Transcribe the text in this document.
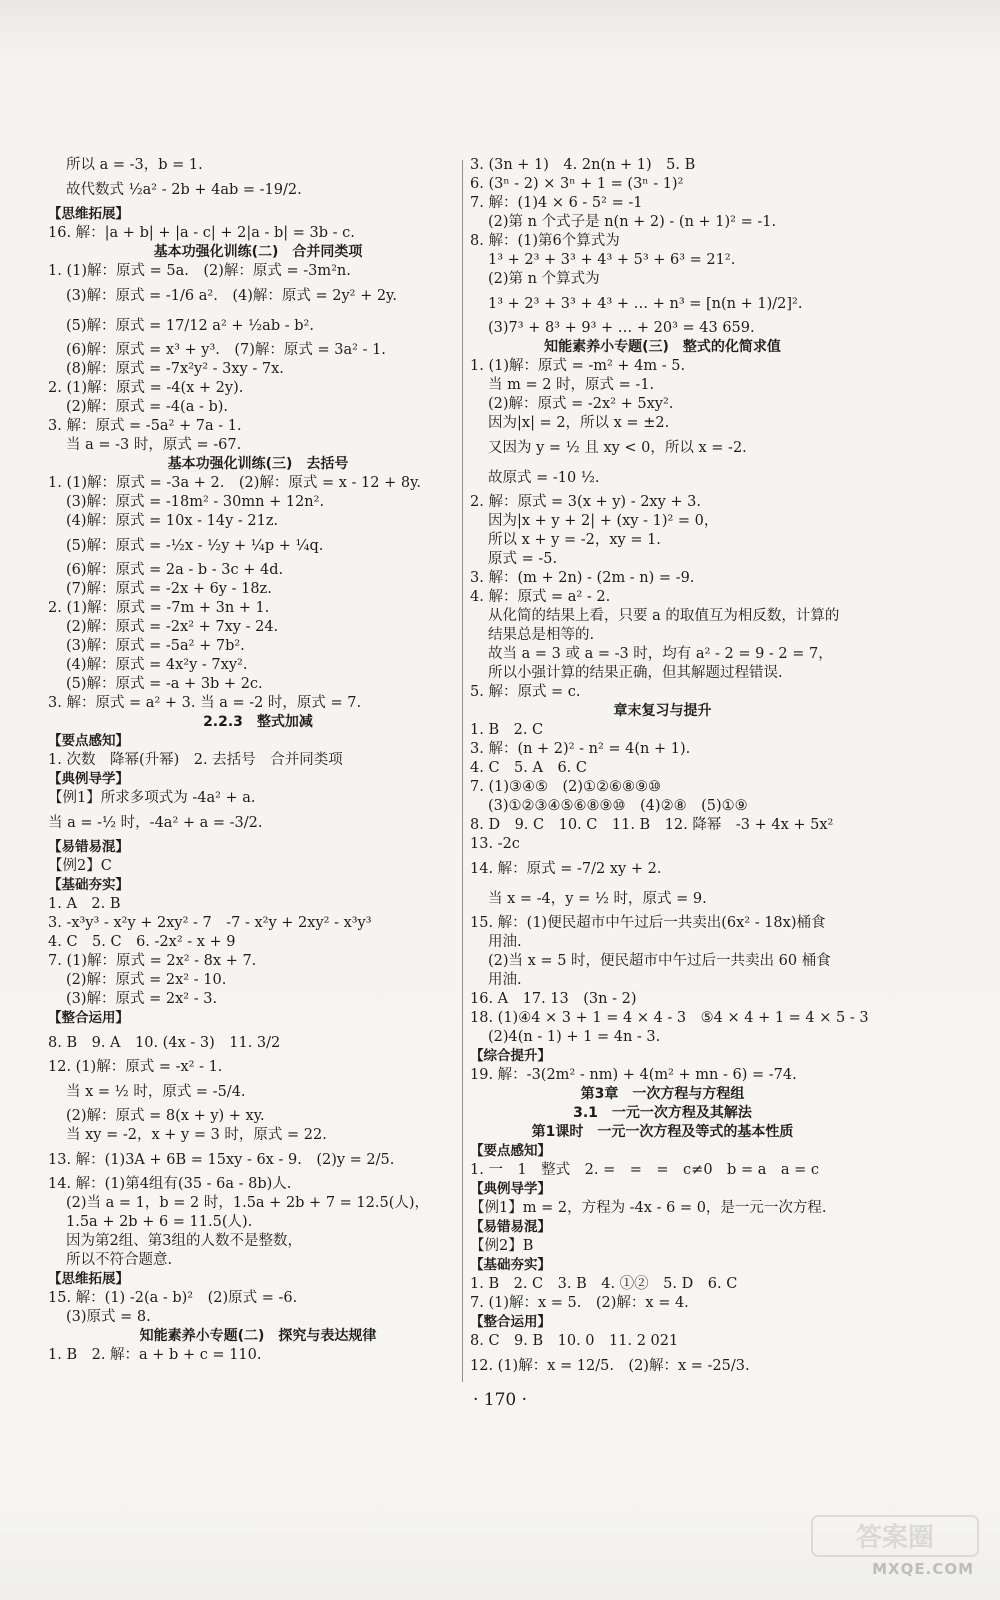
所以 a = -3，b = 1.
故代数式 ½a² - 2b + 4ab = -19/2.
【思维拓展】
16. 解：|a + b| + |a - c| + 2|a - b| = 3b - c.
基本功强化训练(二)　合并同类项
1. (1)解：原式 = 5a.　(2)解：原式 = -3m²n.
(3)解：原式 = -1/6 a².　(4)解：原式 = 2y² + 2y.
(5)解：原式 = 17/12 a² + ½ab - b².
(6)解：原式 = x³ + y³.　(7)解：原式 = 3a² - 1.
(8)解：原式 = -7x²y² - 3xy - 7x.
2. (1)解：原式 = -4(x + 2y).
(2)解：原式 = -4(a - b).
3. 解：原式 = -5a² + 7a - 1.
当 a = -3 时，原式 = -67.
基本功强化训练(三)　去括号
1. (1)解：原式 = -3a + 2.　(2)解：原式 = x - 12 + 8y.
(3)解：原式 = -18m² - 30mn + 12n².
(4)解：原式 = 10x - 14y - 21z.
(5)解：原式 = -½x - ½y + ¼p + ¼q.
(6)解：原式 = 2a - b - 3c + 4d.
(7)解：原式 = -2x + 6y - 18z.
2. (1)解：原式 = -7m + 3n + 1.
(2)解：原式 = -2x² + 7xy - 24.
(3)解：原式 = -5a² + 7b².
(4)解：原式 = 4x²y - 7xy².
(5)解：原式 = -a + 3b + 2c.
3. 解：原式 = a² + 3. 当 a = -2 时，原式 = 7.
2.2.3　整式加减
【要点感知】
1. 次数　降幂(升幂)　2. 去括号　合并同类项
【典例导学】
【例1】所求多项式为 -4a² + a.
当 a = -½ 时，-4a² + a = -3/2.
【易错易混】
【例2】C
【基础夯实】
1. A　2. B
3. -x³y³ - x²y + 2xy² - 7　-7 - x²y + 2xy² - x³y³
4. C　5. C　6. -2x² - x + 9
7. (1)解：原式 = 2x² - 8x + 7.
(2)解：原式 = 2x² - 10.
(3)解：原式 = 2x² - 3.
【整合运用】
8. B　9. A　10. (4x - 3)　11. 3/2
12. (1)解：原式 = -x² - 1.
当 x = ½ 时，原式 = -5/4.
(2)解：原式 = 8(x + y) + xy.
当 xy = -2，x + y = 3 时，原式 = 22.
13. 解：(1)3A + 6B = 15xy - 6x - 9.　(2)y = 2/5.
14. 解：(1)第4组有(35 - 6a - 8b)人.
(2)当 a = 1，b = 2 时，1.5a + 2b + 7 = 12.5(人)，
1.5a + 2b + 6 = 11.5(人).
因为第2组、第3组的人数不是整数，
所以不符合题意.
【思维拓展】
15. 解：(1) -2(a - b)²　(2)原式 = -6.
(3)原式 = 8.
知能素养小专题(二)　探究与表达规律
1. B　2. 解：a + b + c = 110.
3. (3n + 1)　4. 2n(n + 1)　5. B
6. (3ⁿ - 2) × 3ⁿ + 1 = (3ⁿ - 1)²
7. 解：(1)4 × 6 - 5² = -1
(2)第 n 个式子是 n(n + 2) - (n + 1)² = -1.
8. 解：(1)第6个算式为
1³ + 2³ + 3³ + 4³ + 5³ + 6³ = 21².
(2)第 n 个算式为
1³ + 2³ + 3³ + 4³ + … + n³ = [n(n + 1)/2]².
(3)7³ + 8³ + 9³ + … + 20³ = 43 659.
知能素养小专题(三)　整式的化简求值
1. (1)解：原式 = -m² + 4m - 5.
当 m = 2 时，原式 = -1.
(2)解：原式 = -2x² + 5xy².
因为|x| = 2，所以 x = ±2.
又因为 y = ½ 且 xy < 0，所以 x = -2.
故原式 = -10 ½.
2. 解：原式 = 3(x + y) - 2xy + 3.
因为|x + y + 2| + (xy - 1)² = 0，
所以 x + y = -2，xy = 1.
原式 = -5.
3. 解：(m + 2n) - (2m - n) = -9.
4. 解：原式 = a² - 2.
从化简的结果上看，只要 a 的取值互为相反数，计算的
结果总是相等的.
故当 a = 3 或 a = -3 时，均有 a² - 2 = 9 - 2 = 7，
所以小强计算的结果正确，但其解题过程错误.
5. 解：原式 = c.
章末复习与提升
1. B　2. C
3. 解：(n + 2)² - n² = 4(n + 1).
4. C　5. A　6. C
7. (1)③④⑤　(2)①②⑥⑧⑨⑩
(3)①②③④⑤⑥⑧⑨⑩　(4)②⑧　(5)①⑨
8. D　9. C　10. C　11. B　12. 降幂　-3 + 4x + 5x²
13. -2c
14. 解：原式 = -7/2 xy + 2.
当 x = -4，y = ½ 时，原式 = 9.
15. 解：(1)便民超市中午过后一共卖出(6x² - 18x)桶食
用油.
(2)当 x = 5 时，便民超市中午过后一共卖出 60 桶食
用油.
16. A　17. 13　(3n - 2)
18. (1)④4 × 3 + 1 = 4 × 4 - 3　⑤4 × 4 + 1 = 4 × 5 - 3
(2)4(n - 1) + 1 = 4n - 3.
【综合提升】
19. 解：-3(2m² - nm) + 4(m² + mn - 6) = -74.
第3章　一次方程与方程组
3.1　一元一次方程及其解法
第1课时　一元一次方程及等式的基本性质
【要点感知】
1. 一　1　整式　2. =　=　=　c≠0　b = a　a = c
【典例导学】
【例1】m = 2，方程为 -4x - 6 = 0，是一元一次方程.
【易错易混】
【例2】B
【基础夯实】
1. B　2. C　3. B　4. ①②　5. D　6. C
7. (1)解：x = 5.　(2)解：x = 4.
【整合运用】
8. C　9. B　10. 0　11. 2 021
12. (1)解：x = 12/5.　(2)解：x = -25/3.
· 170 ·
答案圈
MXQE.COM
